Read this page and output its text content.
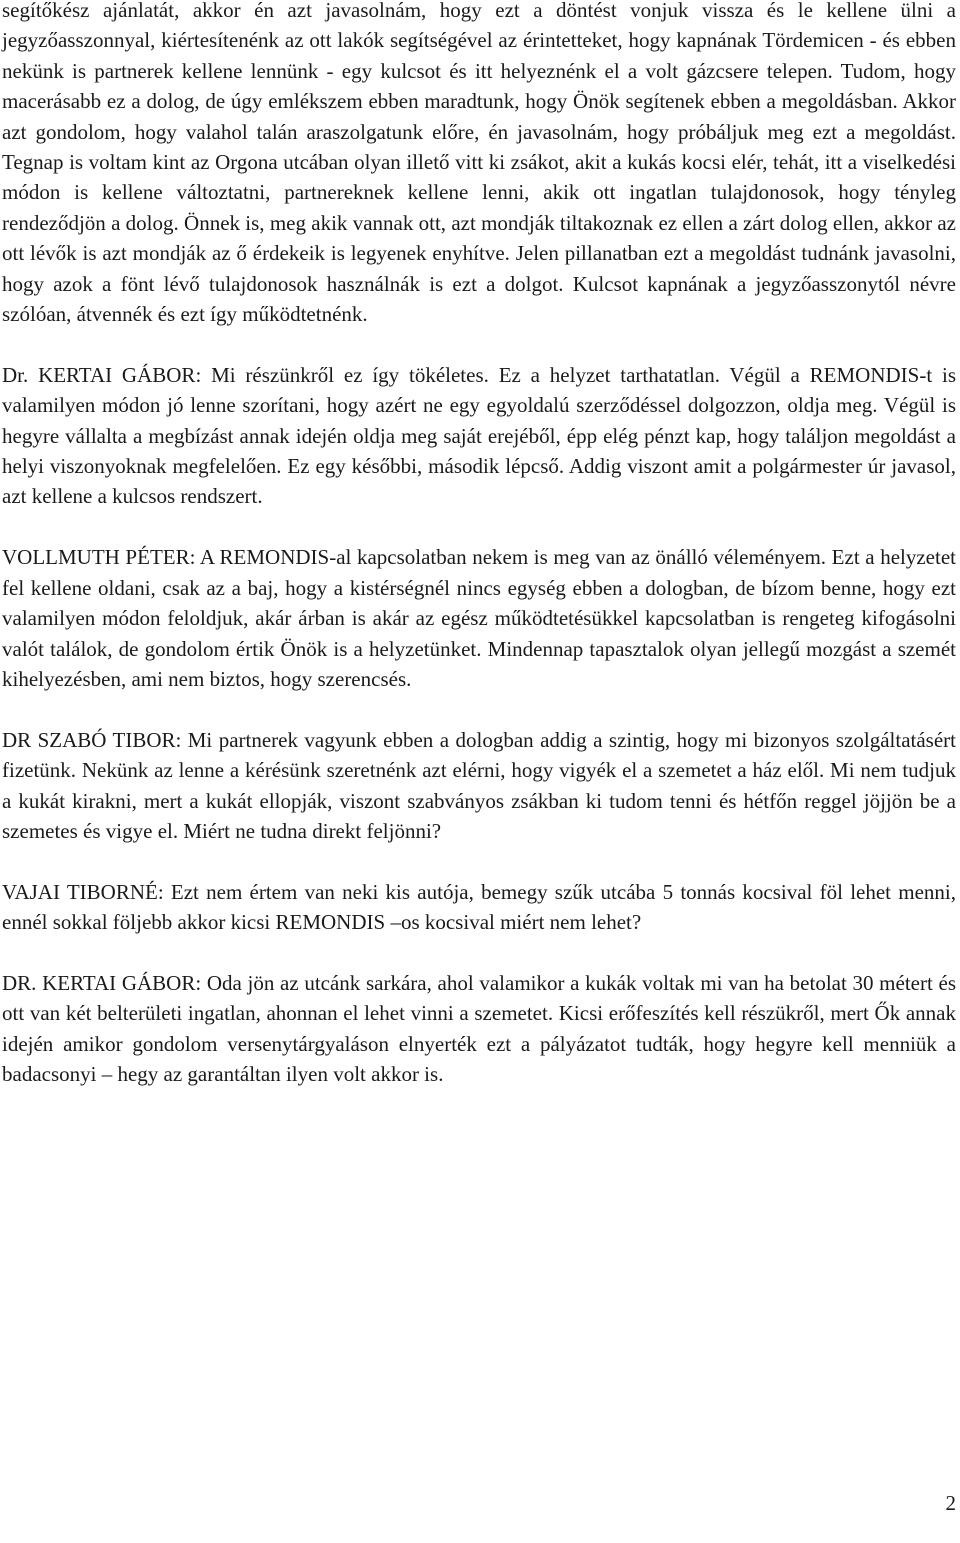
segítőkész ajánlatát, akkor én azt javasolnám, hogy ezt a döntést vonjuk vissza és le kellene ülni a jegyzőasszonnyal, kiértesítenénk az ott lakók segítségével az érintetteket, hogy kapnának Tördemicen - és ebben nekünk is partnerek kellene lennünk - egy kulcsot és itt helyeznénk el a volt gázcsere telepen. Tudom, hogy macerásabb ez a dolog, de úgy emlékszem ebben maradtunk, hogy Önök segítenek ebben a megoldásban. Akkor azt gondolom, hogy valahol talán araszolgatunk előre, én javasolnám, hogy próbáljuk meg ezt a megoldást. Tegnap is voltam kint az Orgona utcában olyan illető vitt ki zsákot, akit a kukás kocsi elér, tehát, itt a viselkedési módon is kellene változtatni, partnereknek kellene lenni, akik ott ingatlan tulajdonosok, hogy tényleg rendeződjön a dolog. Önnek is, meg akik vannak ott, azt mondják tiltakoznak ez ellen a zárt dolog ellen, akkor az ott lévők is azt mondják az ő érdekeik is legyenek enyhítve. Jelen pillanatban ezt a megoldást tudnánk javasolni, hogy azok a fönt lévő tulajdonosok használnák is ezt a dolgot. Kulcsot kapnának a jegyzőasszonytól névre szólóan, átvennék és ezt így működtetnénk.

Dr. KERTAI GÁBOR: Mi részünkről ez így tökéletes. Ez a helyzet tarthatatlan. Végül a REMONDIS-t is valamilyen módon jó lenne szorítani, hogy azért ne egy egyoldalú szerződéssel dolgozzon, oldja meg. Végül is hegyre vállalta a megbízást annak idején oldja meg saját erejéből, épp elég pénzt kap, hogy találjon megoldást a helyi viszonyoknak megfelelően. Ez egy későbbi, második lépcső. Addig viszont amit a polgármester úr javasol, azt kellene a kulcsos rendszert.

VOLLMUTH PÉTER: A REMONDIS-al kapcsolatban nekem is meg van az önálló véleményem. Ezt a helyzetet fel kellene oldani, csak az a baj, hogy a kistérségnél nincs egység ebben a dologban, de bízom benne, hogy ezt valamilyen módon feloldjuk, akár árban is akár az egész működtetésükkel kapcsolatban is rengeteg kifogásolni valót találok, de gondolom értik Önök is a helyzetünket. Mindennap tapasztalok olyan jellegű mozgást a szemét kihelyezésben, ami nem biztos, hogy szerencsés.

DR SZABÓ TIBOR: Mi partnerek vagyunk ebben a dologban addig a szintig, hogy mi bizonyos szolgáltatásért fizetünk. Nekünk az lenne a kérésünk szeretnénk azt elérni, hogy vigyék el a szemetet a ház elől. Mi nem tudjuk a kukát kirakni, mert a kukát ellopják, viszont szabványos zsákban ki tudom tenni és hétfőn reggel jöjjön be a szemetes és vigye el. Miért ne tudna direkt feljönni?

VAJAI TIBORNÉ: Ezt nem értem van neki kis autója, bemegy szűk utcába 5 tonnás kocsival föl lehet menni, ennél sokkal följebb akkor kicsi REMONDIS –os kocsival miért nem lehet?

DR. KERTAI GÁBOR: Oda jön az utcánk sarkára, ahol valamikor a kukák voltak mi van ha betolat 30 métert és ott van két belterületi ingatlan, ahonnan el lehet vinni a szemetet. Kicsi erőfeszítés kell részükről, mert Ők annak idején amikor gondolom versenytárgyaláson elnyerték ezt a pályázatot tudták, hogy hegyre kell menniük a badacsonyi – hegy az garantáltan ilyen volt akkor is.

2
